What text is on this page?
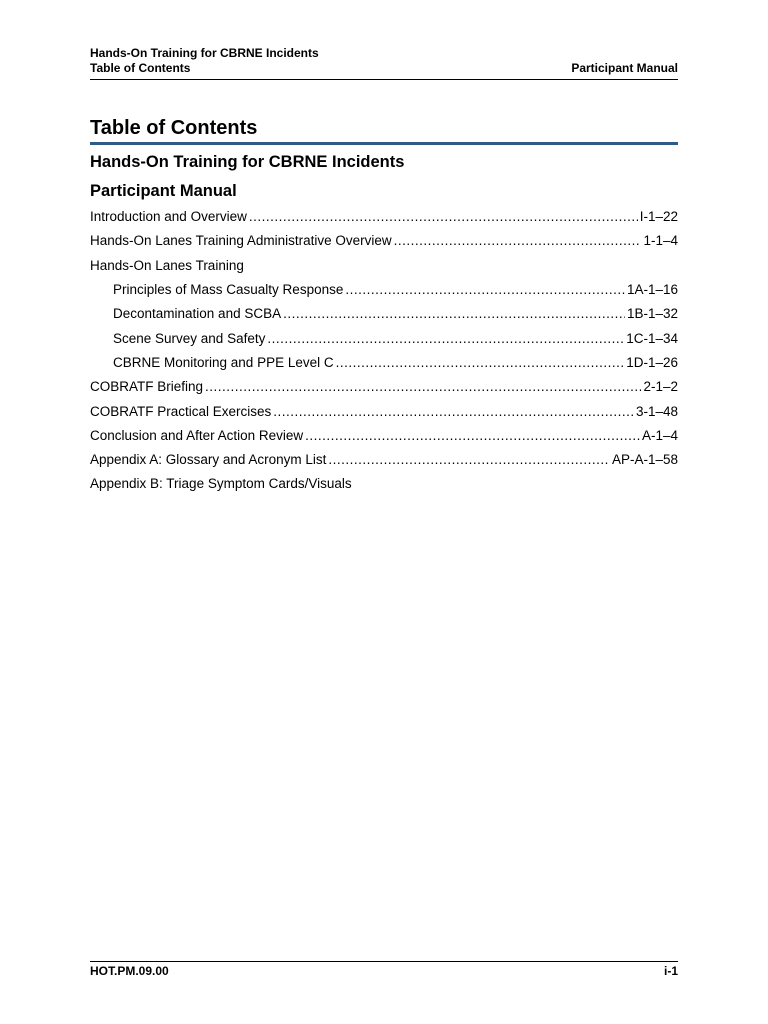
Hands-On Training for CBRNE Incidents
Table of Contents	Participant Manual
Table of Contents
Hands-On Training for CBRNE Incidents
Participant Manual
Introduction and Overview .....	I-1–22
Hands-On Lanes Training Administrative Overview .....	1-1–4
Hands-On Lanes Training
Principles of Mass Casualty Response .....	1A-1–16
Decontamination and SCBA .....	1B-1–32
Scene Survey and Safety .....	1C-1–34
CBRNE Monitoring and PPE Level C .....	1D-1–26
COBRATF Briefing .....	2-1–2
COBRATF Practical Exercises .....	3-1–48
Conclusion and After Action Review .....	A-1–4
Appendix A: Glossary and Acronym List .....	AP-A-1–58
Appendix B: Triage Symptom Cards/Visuals
HOT.PM.09.00	i-1
